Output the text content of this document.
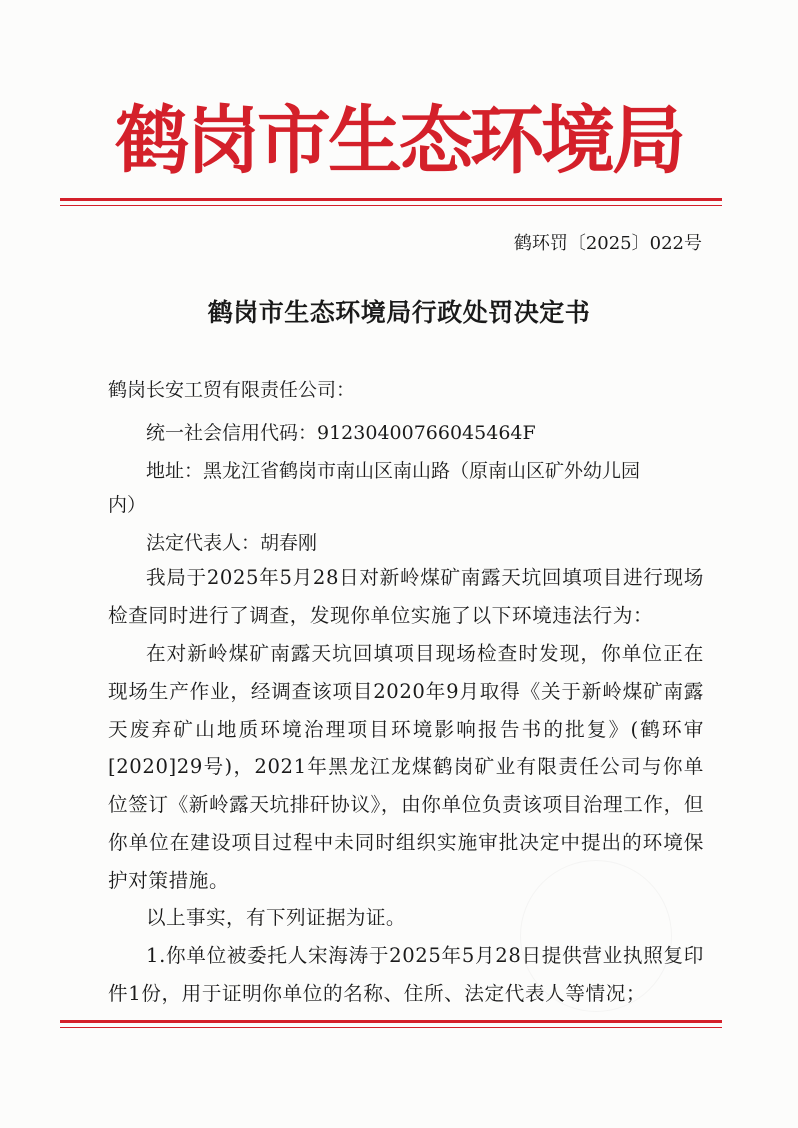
鹤岗市生态环境局
鹤环罚〔2025〕022号
鹤岗市生态环境局行政处罚决定书
鹤岗长安工贸有限责任公司：
统一社会信用代码：91230400766045464F
地址：黑龙江省鹤岗市南山区南山路（原南山区矿外幼儿园
内）
法定代表人：胡春刚
我局于2025年5月28日对新岭煤矿南露天坑回填项目进行现场检查同时进行了调查，发现你单位实施了以下环境违法行为：
在对新岭煤矿南露天坑回填项目现场检查时发现，你单位正在现场生产作业，经调查该项目2020年9月取得《关于新岭煤矿南露天废弃矿山地质环境治理项目环境影响报告书的批复》(鹤环审[2020]29号)，2021年黑龙江龙煤鹤岗矿业有限责任公司与你单位签订《新岭露天坑排矸协议》，由你单位负责该项目治理工作，但你单位在建设项目过程中未同时组织实施审批决定中提出的环境保护对策措施。
以上事实，有下列证据为证。
1.你单位被委托人宋海涛于2025年5月28日提供营业执照复印件1份，用于证明你单位的名称、住所、法定代表人等情况；
